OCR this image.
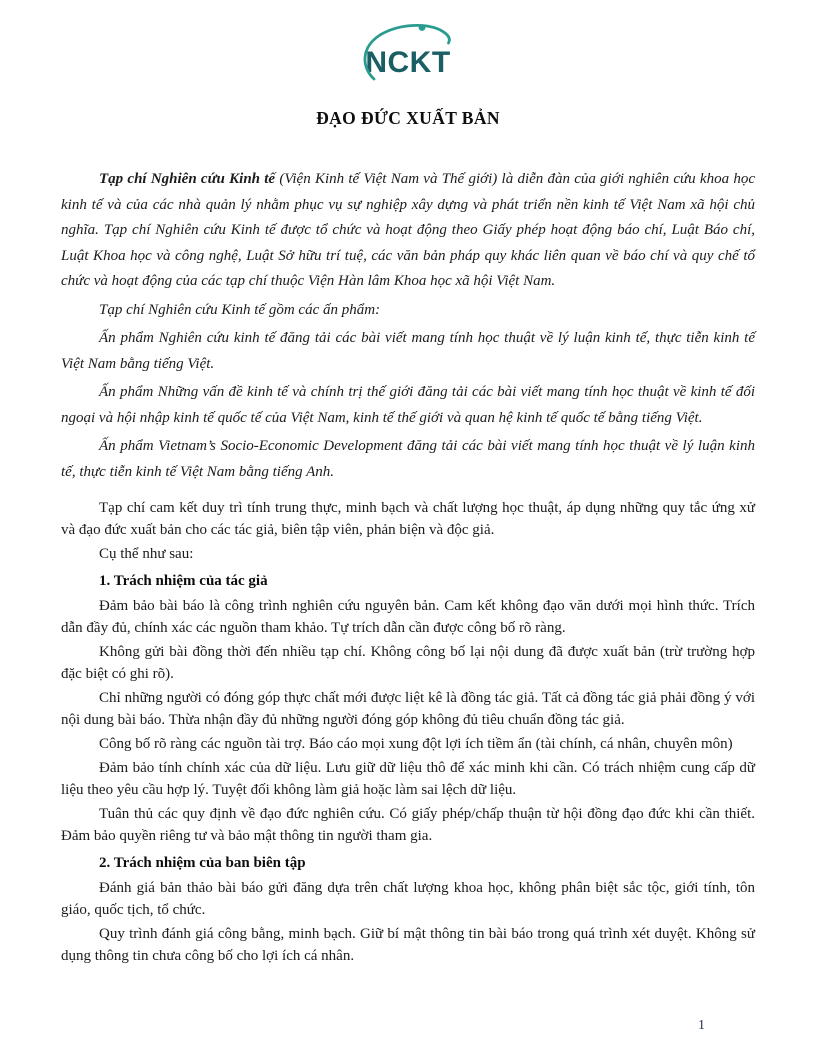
NCKT
ĐẠO ĐỨC XUẤT BẢN

Tạp chí Nghiên cứu Kinh tế (Viện Kinh tế Việt Nam và Thế giới) là diễn đàn của giới nghiên cứu khoa học kinh tế và của các nhà quản lý nhằm phục vụ sự nghiệp xây dựng và phát triển nền kinh tế Việt Nam xã hội chủ nghĩa. Tạp chí Nghiên cứu Kinh tế được tổ chức và hoạt động theo Giấy phép hoạt động báo chí, Luật Báo chí, Luật Khoa học và công nghệ, Luật Sở hữu trí tuệ, các văn bản pháp quy khác liên quan về báo chí và quy chế tổ chức và hoạt động của các tạp chí thuộc Viện Hàn lâm Khoa học xã hội Việt Nam.

Tạp chí Nghiên cứu Kinh tế gồm các ấn phẩm:

Ấn phẩm Nghiên cứu kinh tế đăng tải các bài viết mang tính học thuật về lý luận kinh tế, thực tiễn kinh tế Việt Nam bằng tiếng Việt.

Ấn phẩm Những vấn đề kinh tế và chính trị thế giới đăng tải các bài viết mang tính học thuật về kinh tế đối ngoại và hội nhập kinh tế quốc tế của Việt Nam, kinh tế thế giới và quan hệ kinh tế quốc tế bằng tiếng Việt.

Ấn phẩm Vietnam’s Socio-Economic Development đăng tải các bài viết mang tính học thuật về lý luận kinh tế, thực tiễn kinh tế Việt Nam bằng tiếng Anh.

Tạp chí cam kết duy trì tính trung thực, minh bạch và chất lượng học thuật, áp dụng những quy tắc ứng xử và đạo đức xuất bản cho các tác giả, biên tập viên, phản biện và độc giả.

Cụ thể như sau:

1. Trách nhiệm của tác giả

Đảm bảo bài báo là công trình nghiên cứu nguyên bản. Cam kết không đạo văn dưới mọi hình thức. Trích dẫn đầy đủ, chính xác các nguồn tham khảo. Tự trích dẫn cần được công bố rõ ràng.

Không gửi bài đồng thời đến nhiều tạp chí. Không công bố lại nội dung đã được xuất bản (trừ trường hợp đặc biệt có ghi rõ).

Chỉ những người có đóng góp thực chất mới được liệt kê là đồng tác giả. Tất cả đồng tác giả phải đồng ý với nội dung bài báo. Thừa nhận đầy đủ những người đóng góp không đủ tiêu chuẩn đồng tác giả.

Công bố rõ ràng các nguồn tài trợ. Báo cáo mọi xung đột lợi ích tiềm ẩn (tài chính, cá nhân, chuyên môn)

Đảm bảo tính chính xác của dữ liệu. Lưu giữ dữ liệu thô để xác minh khi cần. Có trách nhiệm cung cấp dữ liệu theo yêu cầu hợp lý. Tuyệt đối không làm giả hoặc làm sai lệch dữ liệu.

Tuân thủ các quy định về đạo đức nghiên cứu. Có giấy phép/chấp thuận từ hội đồng đạo đức khi cần thiết. Đảm bảo quyền riêng tư và bảo mật thông tin người tham gia.

2. Trách nhiệm của ban biên tập

Đánh giá bản thảo bài báo gửi đăng dựa trên chất lượng khoa học, không phân biệt sắc tộc, giới tính, tôn giáo, quốc tịch, tổ chức.

Quy trình đánh giá công bằng, minh bạch. Giữ bí mật thông tin bài báo trong quá trình xét duyệt. Không sử dụng thông tin chưa công bố cho lợi ích cá nhân.

1
